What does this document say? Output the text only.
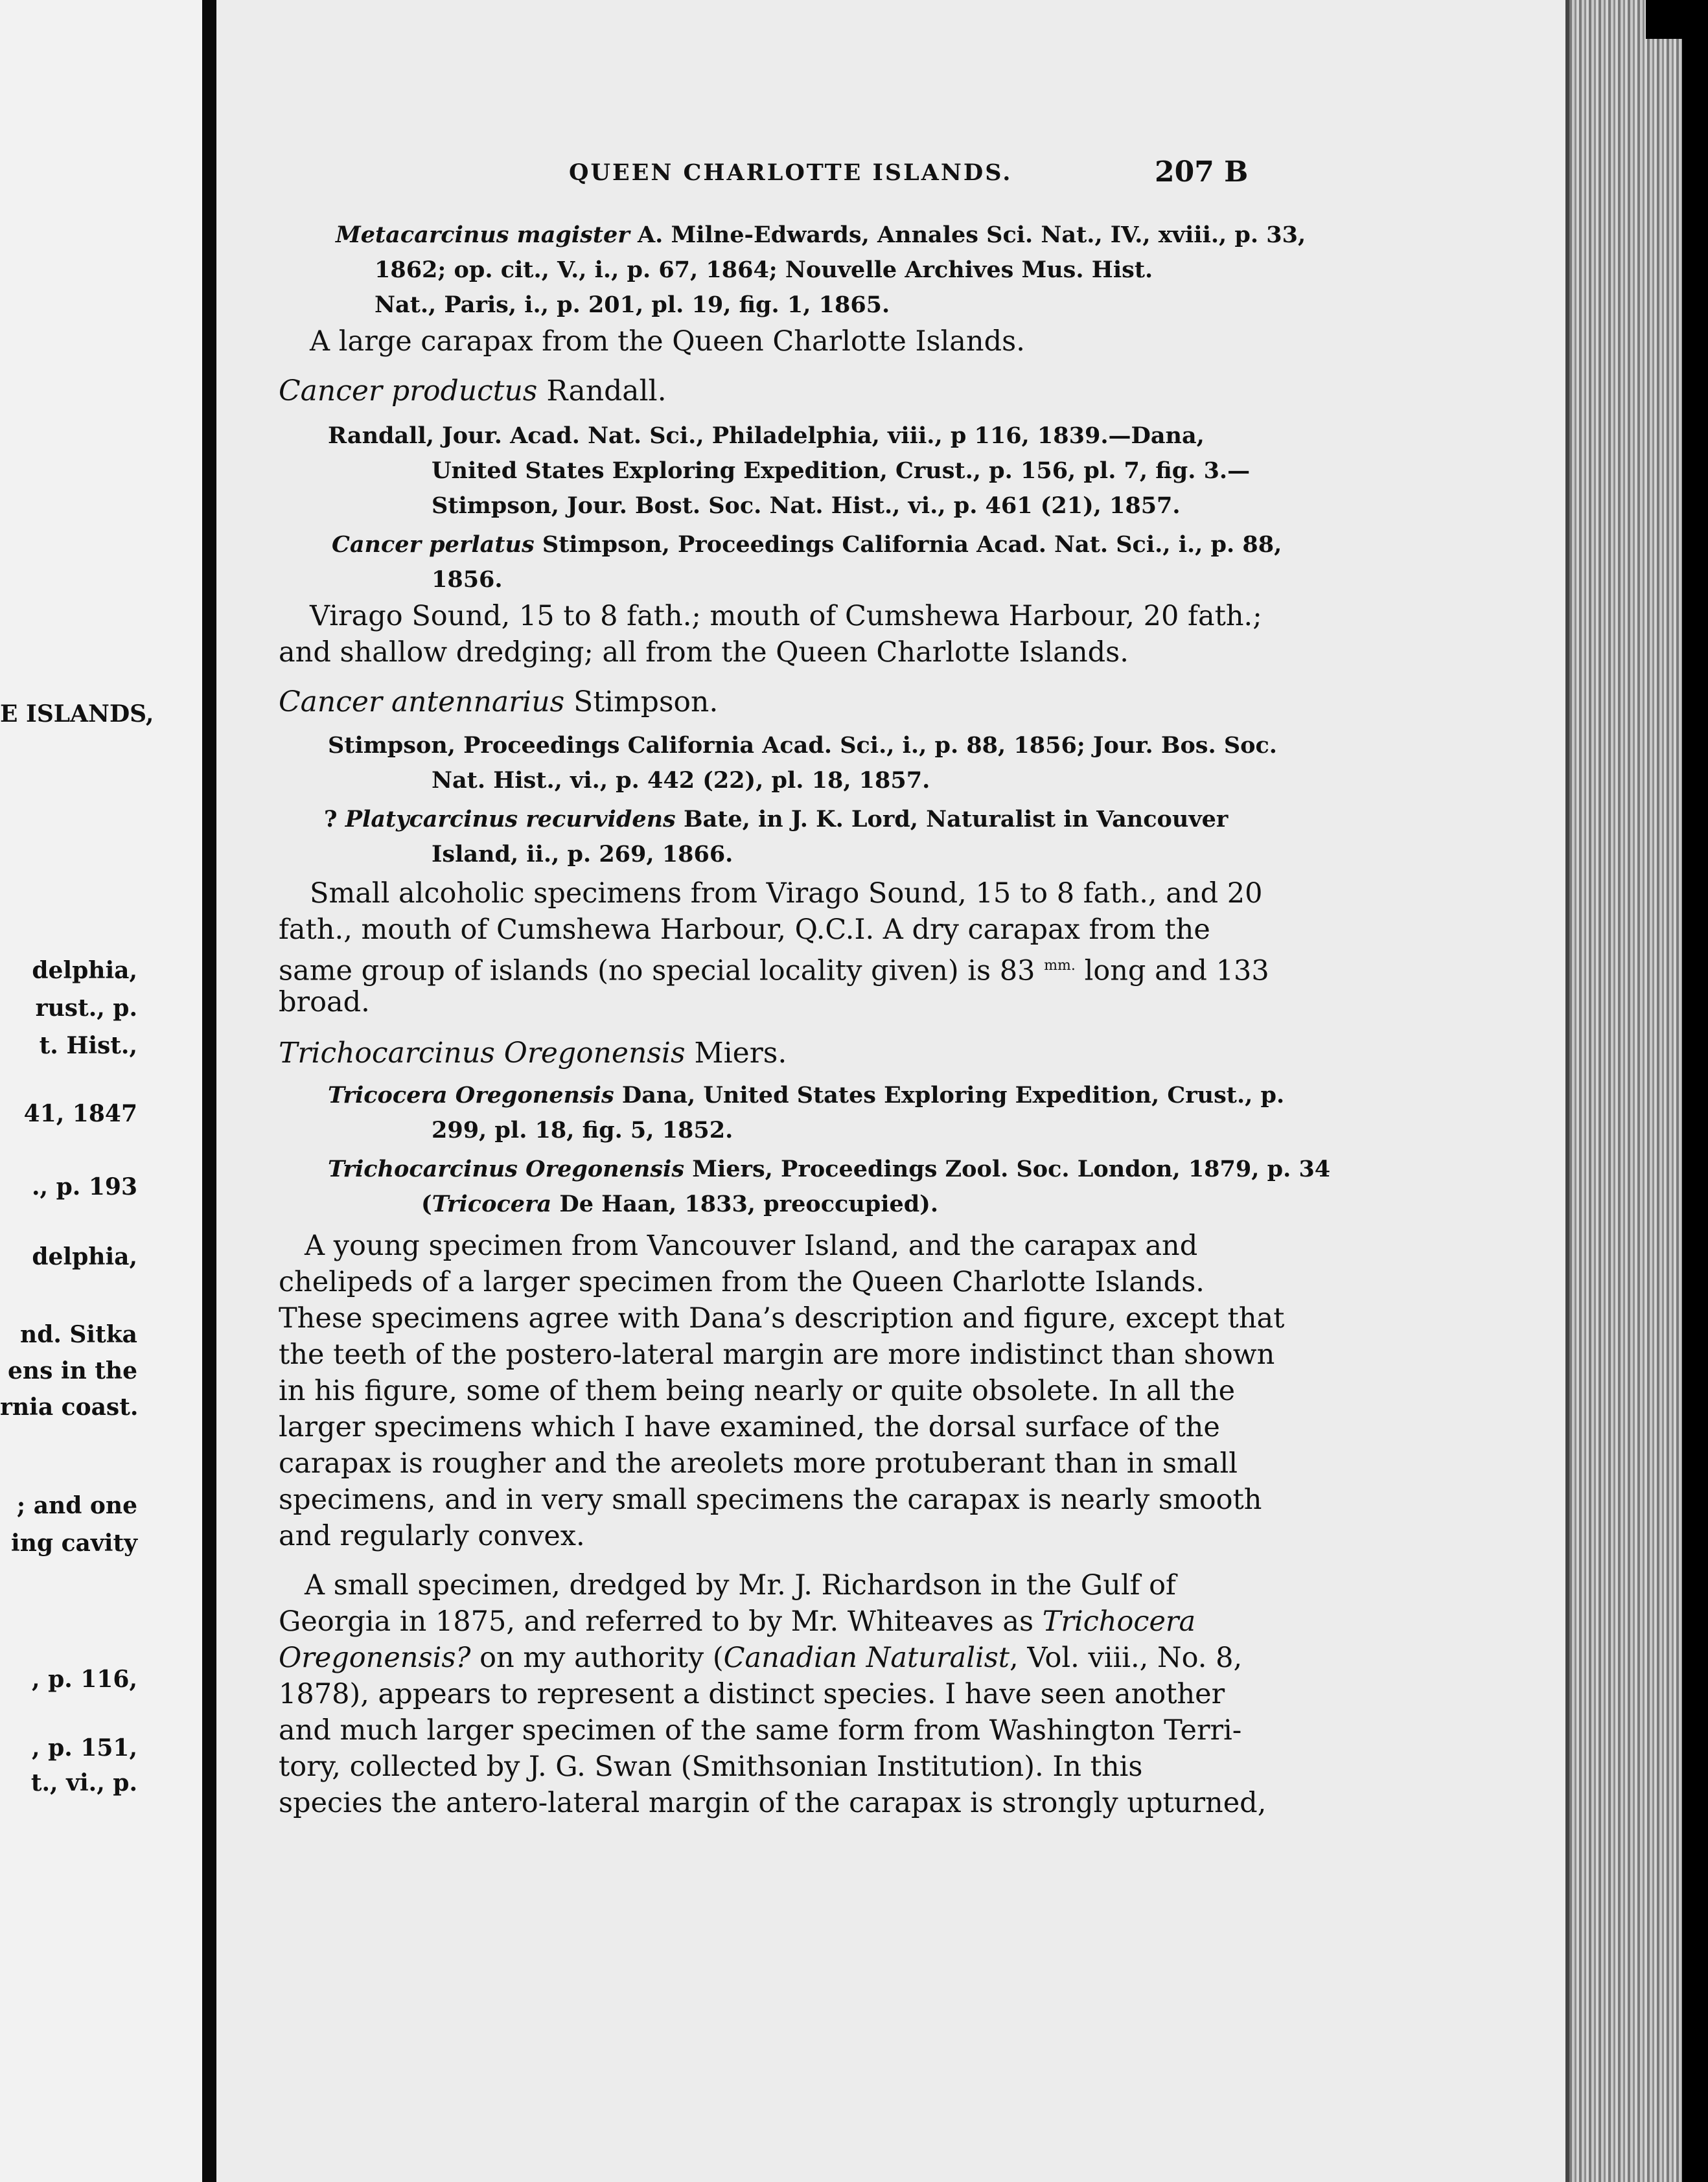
E ISLANDS,
delphia,
rust., p.
t. Hist.,
41, 1847
., p. 193
delphia,
nd. Sitka
ens in the
rnia coast.
; and one
ing cavity
, p. 116,
, p. 151,
t., vi., p.
QUEEN CHARLOTTE ISLANDS.	207 B
Metacarcinus magister A. Milne-Edwards, Annales Sci. Nat., IV., xviii., p. 33,
1862; op. cit., V., i., p. 67, 1864; Nouvelle Archives Mus. Hist.
Nat., Paris, i., p. 201, pl. 19, fig. 1, 1865.
A large carapax from the Queen Charlotte Islands.
Cancer productus Randall.
Randall, Jour. Acad. Nat. Sci., Philadelphia, viii., p 116, 1839.—Dana,
United States Exploring Expedition, Crust., p. 156, pl. 7, fig. 3.—
Stimpson, Jour. Bost. Soc. Nat. Hist., vi., p. 461 (21), 1857.
Cancer perlatus Stimpson, Proceedings California Acad. Nat. Sci., i., p. 88,
1856.
Virago Sound, 15 to 8 fath.; mouth of Cumshewa Harbour, 20 fath.;
and shallow dredging; all from the Queen Charlotte Islands.
Cancer antennarius Stimpson.
Stimpson, Proceedings California Acad. Sci., i., p. 88, 1856; Jour. Bos. Soc.
Nat. Hist., vi., p. 442 (22), pl. 18, 1857.
? Platycarcinus recurvidens Bate, in J. K. Lord, Naturalist in Vancouver
Island, ii., p. 269, 1866.
Small alcoholic specimens from Virago Sound, 15 to 8 fath., and 20
fath., mouth of Cumshewa Harbour, Q.C.I. A dry carapax from the
same group of islands (no special locality given) is 83 $^{mm.}$ long and 133
broad.
Trichocarcinus Oregonensis Miers.
Tricocera Oregonensis Dana, United States Exploring Expedition, Crust., p.
299, pl. 18, fig. 5, 1852.
Trichocarcinus Oregonensis Miers, Proceedings Zool. Soc. London, 1879, p. 34
(Tricocera De Haan, 1833, preoccupied).
A young specimen from Vancouver Island, and the carapax and
chelipeds of a larger specimen from the Queen Charlotte Islands.
These specimens agree with Dana’s description and figure, except that
the teeth of the postero-lateral margin are more indistinct than shown
in his figure, some of them being nearly or quite obsolete. In all the
larger specimens which I have examined, the dorsal surface of the
carapax is rougher and the areolets more protuberant than in small
specimens, and in very small specimens the carapax is nearly smooth
and regularly convex.
A small specimen, dredged by Mr. J. Richardson in the Gulf of
Georgia in 1875, and referred to by Mr. Whiteaves as Trichocera
Oregonensis? on my authority (Canadian Naturalist, Vol. viii., No. 8,
1878), appears to represent a distinct species. I have seen another
and much larger specimen of the same form from Washington Terri-
tory, collected by J. G. Swan (Smithsonian Institution). In this
species the antero-lateral margin of the carapax is strongly upturned,
